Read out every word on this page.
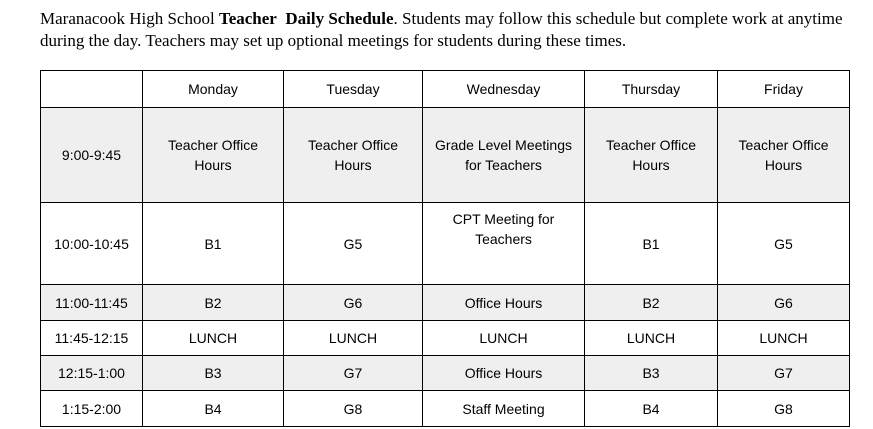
Maranacook High School Teacher Daily Schedule. Students may follow this schedule but complete work at anytime during the day. Teachers may set up optional meetings for students during these times.

	Monday	Tuesday	Wednesday	Thursday	Friday
9:00-9:45	Teacher Office Hours	Teacher Office Hours	Grade Level Meetings for Teachers	Teacher Office Hours	Teacher Office Hours
10:00-10:45	B1	G5	CPT Meeting for Teachers	B1	G5
11:00-11:45	B2	G6	Office Hours	B2	G6
11:45-12:15	LUNCH	LUNCH	LUNCH	LUNCH	LUNCH
12:15-1:00	B3	G7	Office Hours	B3	G7
1:15-2:00	B4	G8	Staff Meeting	B4	G8
